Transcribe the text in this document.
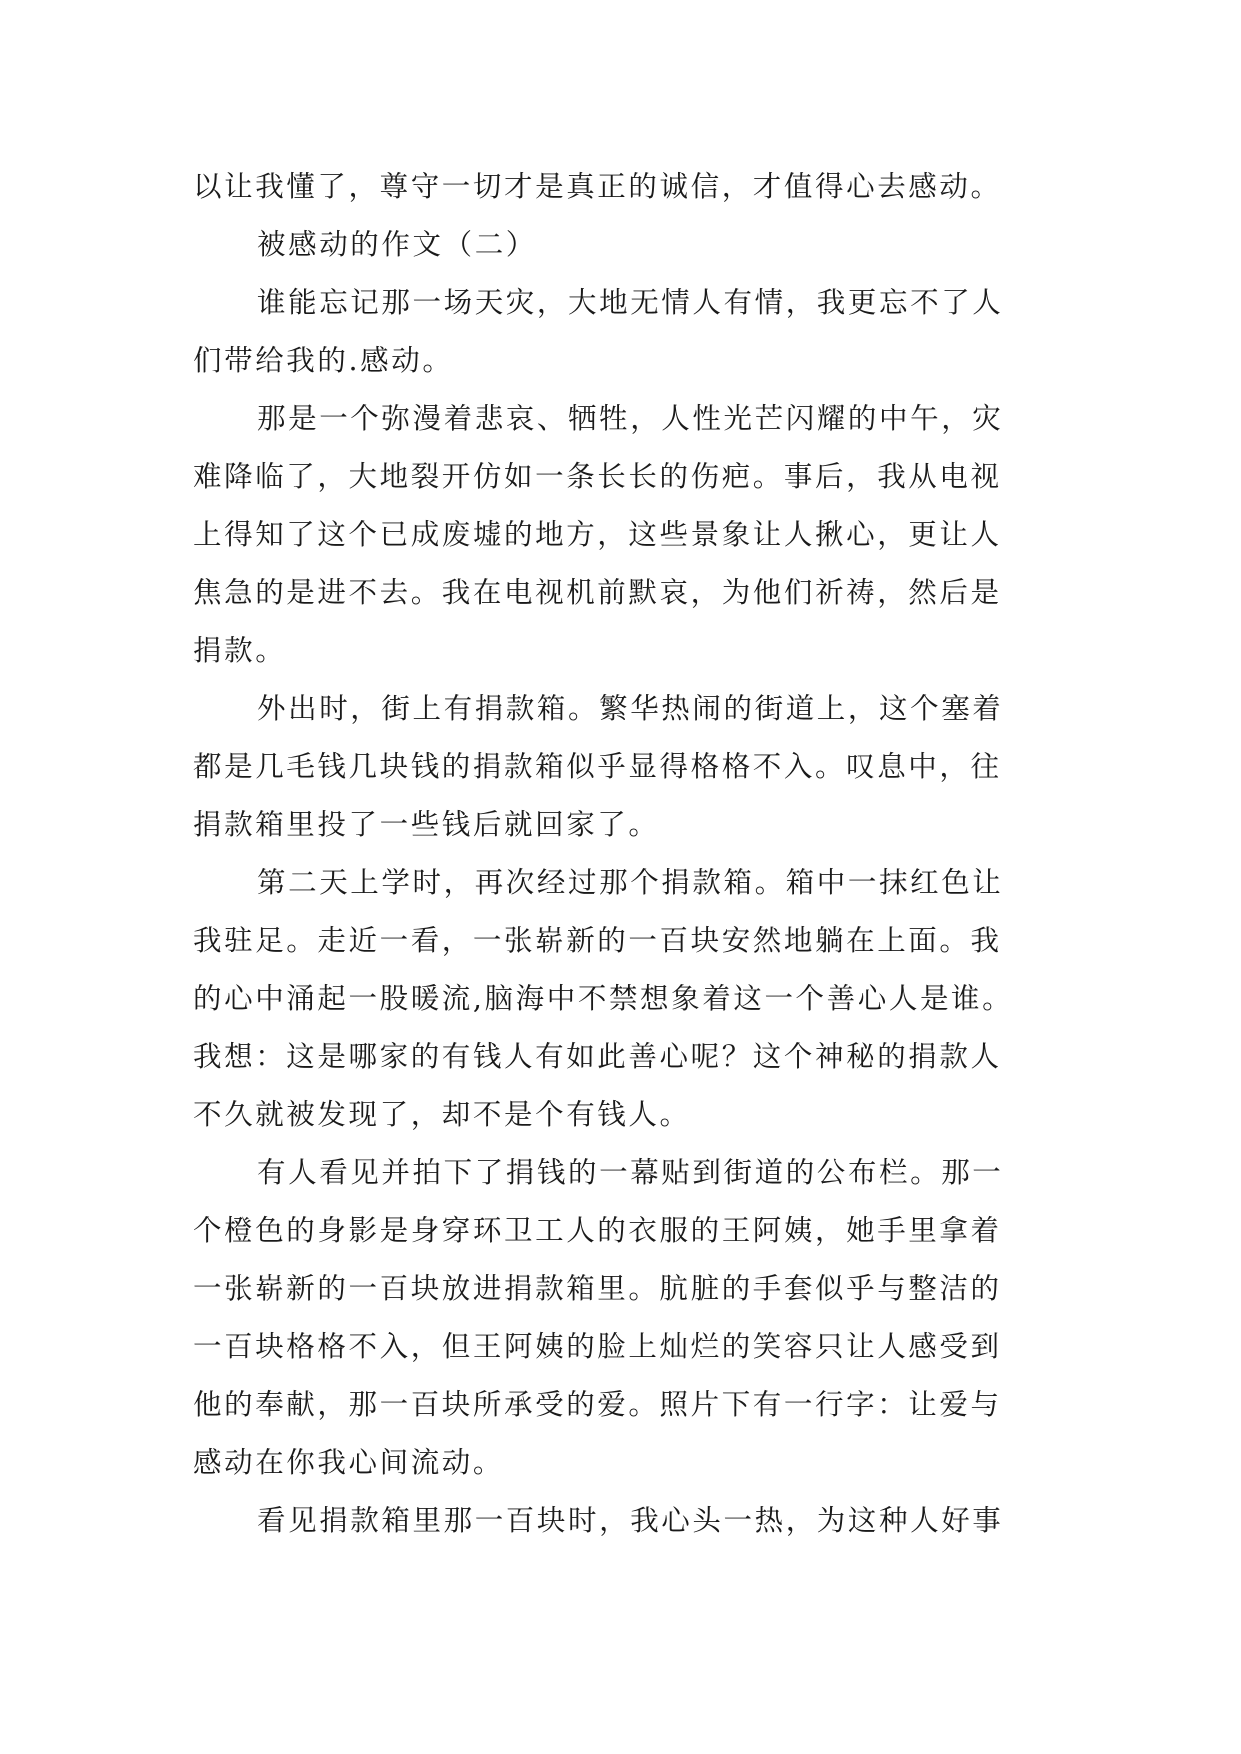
以让我懂了，尊守一切才是真正的诚信，才值得心去感动。
被感动的作文（二）
谁能忘记那一场天灾，大地无情人有情，我更忘不了人
们带给我的.感动。
那是一个弥漫着悲哀、牺牲，人性光芒闪耀的中午，灾
难降临了，大地裂开仿如一条长长的伤疤。事后，我从电视
上得知了这个已成废墟的地方，这些景象让人揪心，更让人
焦急的是进不去。我在电视机前默哀，为他们祈祷，然后是
捐款。
外出时，街上有捐款箱。繁华热闹的街道上，这个塞着
都是几毛钱几块钱的捐款箱似乎显得格格不入。叹息中，往
捐款箱里投了一些钱后就回家了。
第二天上学时，再次经过那个捐款箱。箱中一抹红色让
我驻足。走近一看，一张崭新的一百块安然地躺在上面。我
的心中涌起一股暖流,脑海中不禁想象着这一个善心人是谁。
我想：这是哪家的有钱人有如此善心呢？这个神秘的捐款人
不久就被发现了，却不是个有钱人。
有人看见并拍下了捐钱的一幕贴到街道的公布栏。那一
个橙色的身影是身穿环卫工人的衣服的王阿姨，她手里拿着
一张崭新的一百块放进捐款箱里。肮脏的手套似乎与整洁的
一百块格格不入，但王阿姨的脸上灿烂的笑容只让人感受到
他的奉献，那一百块所承受的爱。照片下有一行字：让爱与
感动在你我心间流动。
看见捐款箱里那一百块时，我心头一热，为这种人好事
